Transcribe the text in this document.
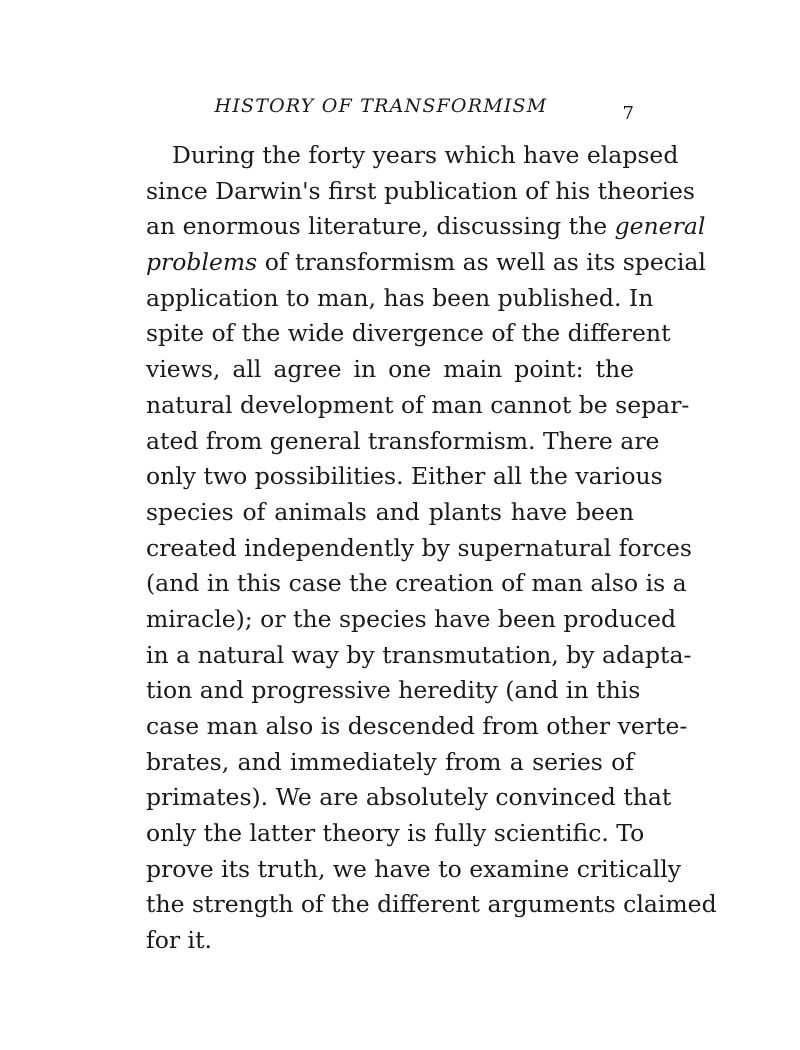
HISTORY OF TRANSFORMISM	7
During the forty years which have elapsed
since Darwin's first publication of his theories
an enormous literature, discussing the general
problems of transformism as well as its special
application to man, has been published. In
spite of the wide divergence of the different
views, all agree in one main point: the
natural development of man cannot be separ-
ated from general transformism. There are
only two possibilities. Either all the various
species of animals and plants have been
created independently by supernatural forces
(and in this case the creation of man also is a
miracle); or the species have been produced
in a natural way by transmutation, by adapta-
tion and progressive heredity (and in this
case man also is descended from other verte-
brates, and immediately from a series of
primates). We are absolutely convinced that
only the latter theory is fully scientific. To
prove its truth, we have to examine critically
the strength of the different arguments claimed
for it.
